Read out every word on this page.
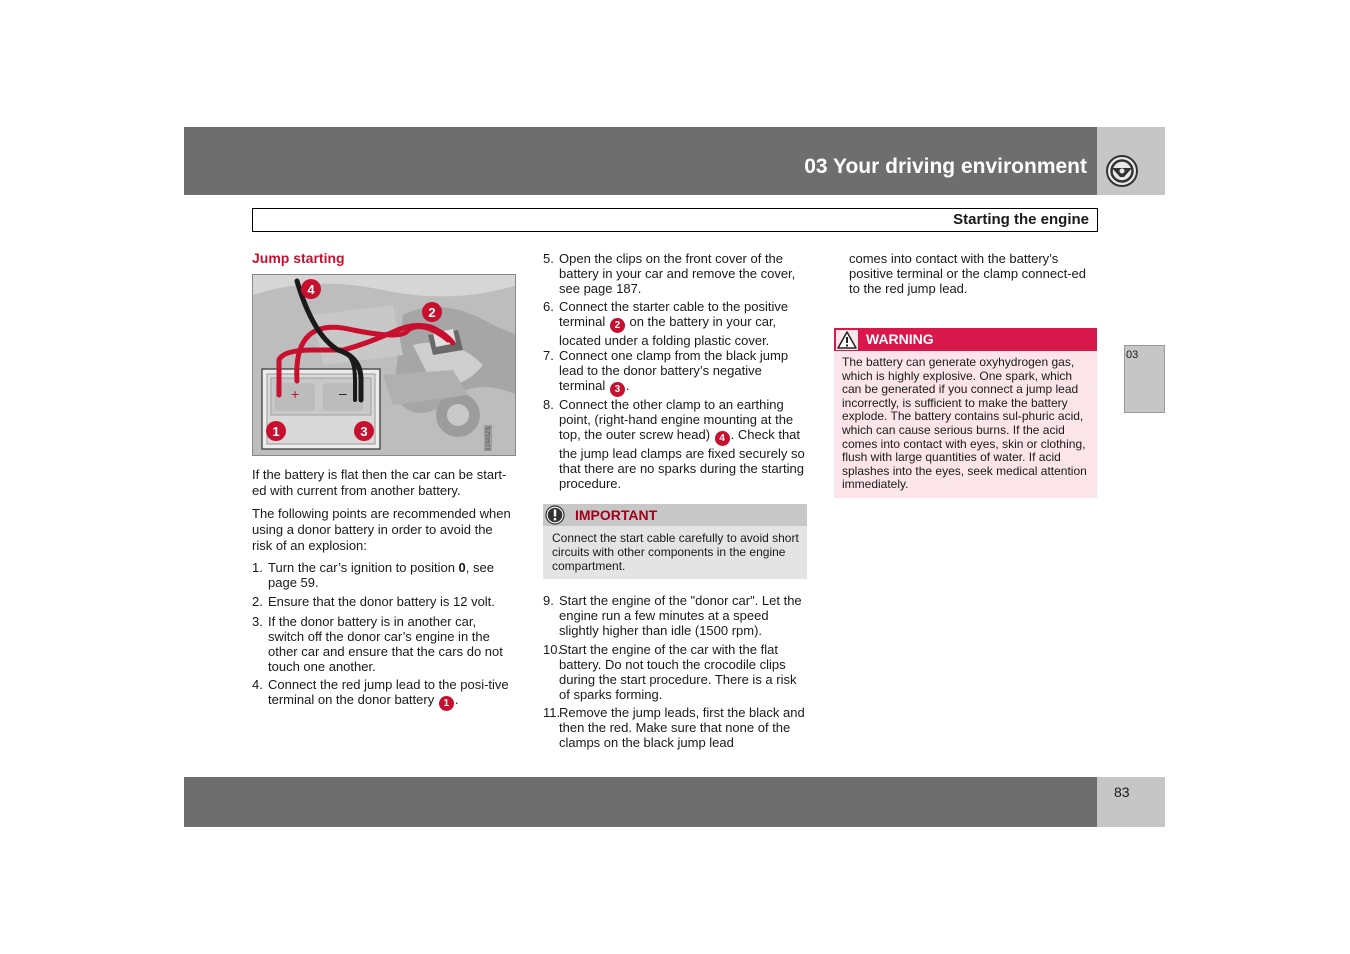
03 Your driving environment
Starting the engine
03
Jump starting
3104323j
+	–
4
2
1	3
If the battery is flat then the car can be start-ed with current from another battery.
The following points are recommended when using a donor battery in order to avoid the risk of an explosion:
1. Turn the car’s ignition to position 0, see page 59.
2. Ensure that the donor battery is 12 volt.
3. If the donor battery is in another car, switch off the donor car’s engine in the other car and ensure that the cars do not touch one another.
4. Connect the red jump lead to the posi-tive terminal on the donor battery 1 .
5. Open the clips on the front cover of the battery in your car and remove the cover, see page 187.
6. Connect the starter cable to the positive terminal 2 on the battery in your car, located under a folding plastic cover.
7. Connect one clamp from the black jump lead to the donor battery’s negative terminal 3 .
8. Connect the other clamp to an earthing point, (right-hand engine mounting at the top, the outer screw head) 4 . Check that the jump lead clamps are fixed securely so that there are no sparks during the starting procedure.
IMPORTANT
Connect the start cable carefully to avoid short circuits with other components in the engine compartment.
9. Start the engine of the "donor car". Let the engine run a few minutes at a speed slightly higher than idle (1500 rpm).
10.
Start the engine of the car with the flat battery. Do not touch the crocodile clips during the start procedure. There is a risk of sparks forming.
11.
Remove the jump leads, first the black and then the red. Make sure that none of the clamps on the black jump lead
comes into contact with the battery’s positive terminal or the clamp connect-ed to the red jump lead.
WARNING
The battery can generate oxyhydrogen gas, which is highly explosive. One spark, which can be generated if you connect a jump lead incorrectly, is sufficient to make the battery explode. The battery contains sul-phuric acid, which can cause serious burns. If the acid comes into contact with eyes, skin or clothing, flush with large quantities of water. If acid splashes into the eyes, seek medical attention immediately.
83
